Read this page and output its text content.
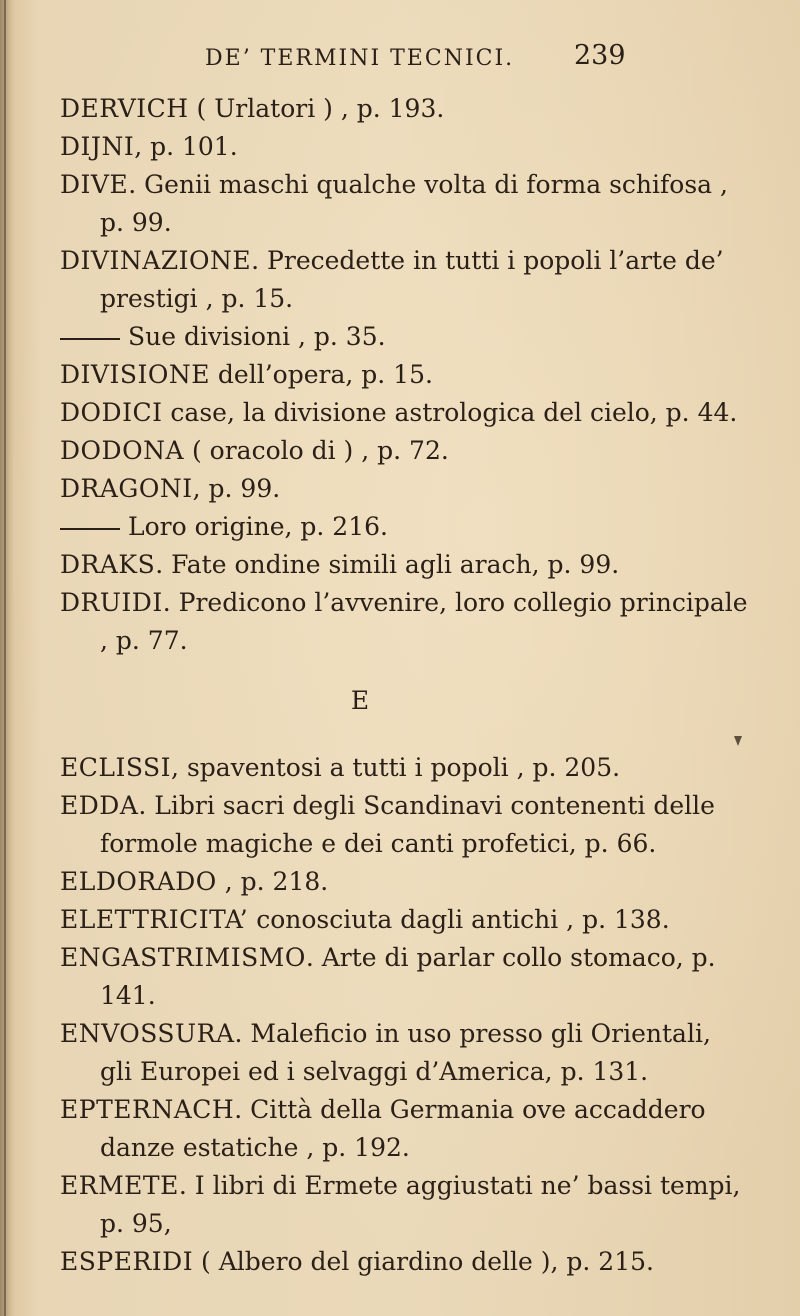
DE’ TERMINI TECNICI. 239

DERVICH ( Urlatori ) , p. 193.

DIJNI, p. 101.

DIVE. Genii maschi qualche volta di forma schifosa , p. 99.

DIVINAZIONE. Precedette in tutti i popoli l’arte de’ prestigi , p. 15.

Sue divisioni , p. 35.

DIVISIONE dell’opera, p. 15.

DODICI case, la divisione astrologica del cielo, p. 44.

DODONA ( oracolo di ) , p. 72.

DRAGONI, p. 99.

Loro origine, p. 216.

DRAKS. Fate ondine simili agli arach, p. 99.

DRUIDI. Predicono l’avvenire, loro collegio principale , p. 77.

E

ECLISSI, spaventosi a tutti i popoli , p. 205.

EDDA. Libri sacri degli Scandinavi contenenti delle formole magiche e dei canti profetici, p. 66.

ELDORADO , p. 218.

ELETTRICITA’ conosciuta dagli antichi , p. 138.

ENGASTRIMISMO. Arte di parlar collo stomaco, p. 141.

ENVOSSURA. Maleficio in uso presso gli Orientali, gli Europei ed i selvaggi d’America, p. 131.

EPTERNACH. Città della Germania ove accaddero danze estatiche , p. 192.

ERMETE. I libri di Ermete aggiustati ne’ bassi tempi, p. 95,

ESPERIDI ( Albero del giardino delle ), p. 215.
